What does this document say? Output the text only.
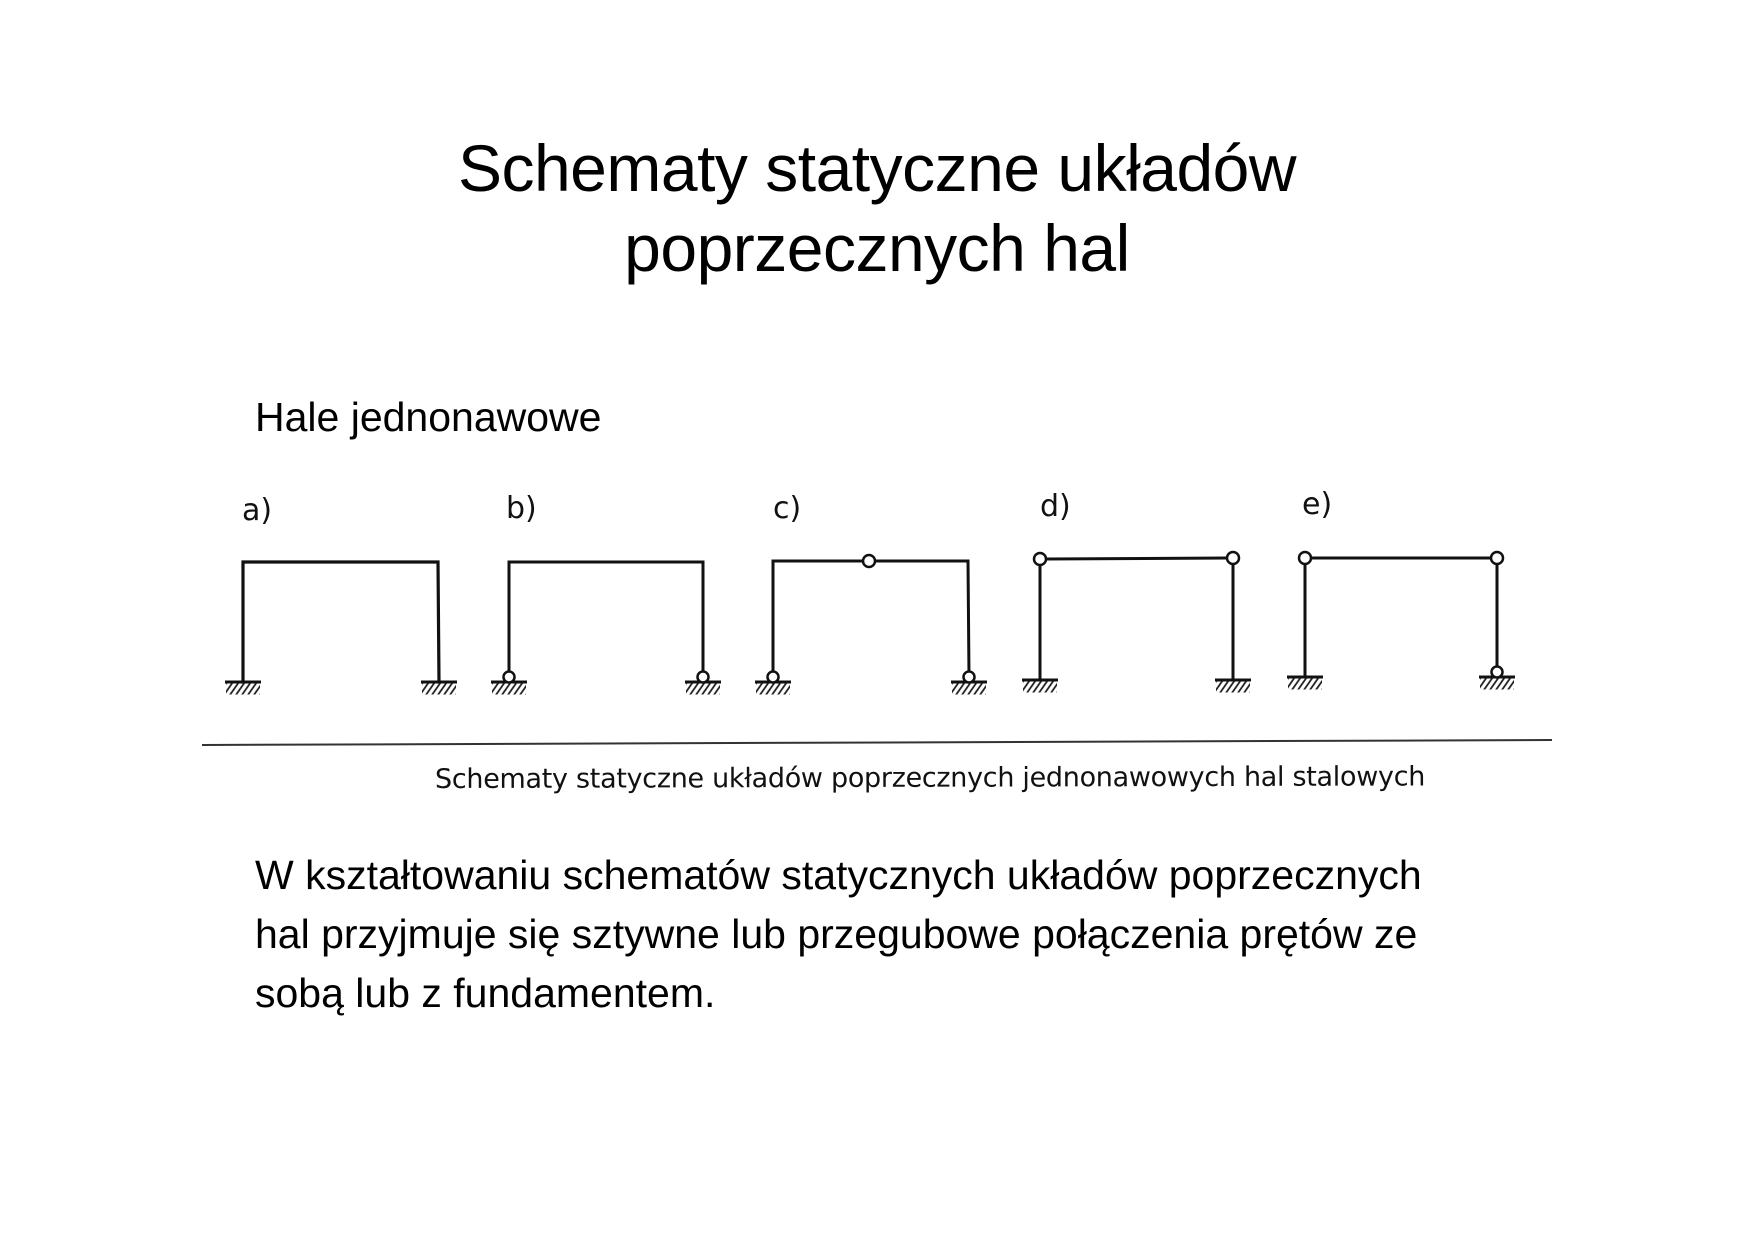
Schematy statyczne układów
poprzecznych hal
Hale jednonawowe
a)	b)	c)	d)	e)
Schematy statyczne układów poprzecznych jednonawowych hal stalowych

W kształtowaniu schematów statycznych układów poprzecznych
hal przyjmuje się sztywne lub przegubowe połączenia prętów ze
sobą lub z fundamentem.
